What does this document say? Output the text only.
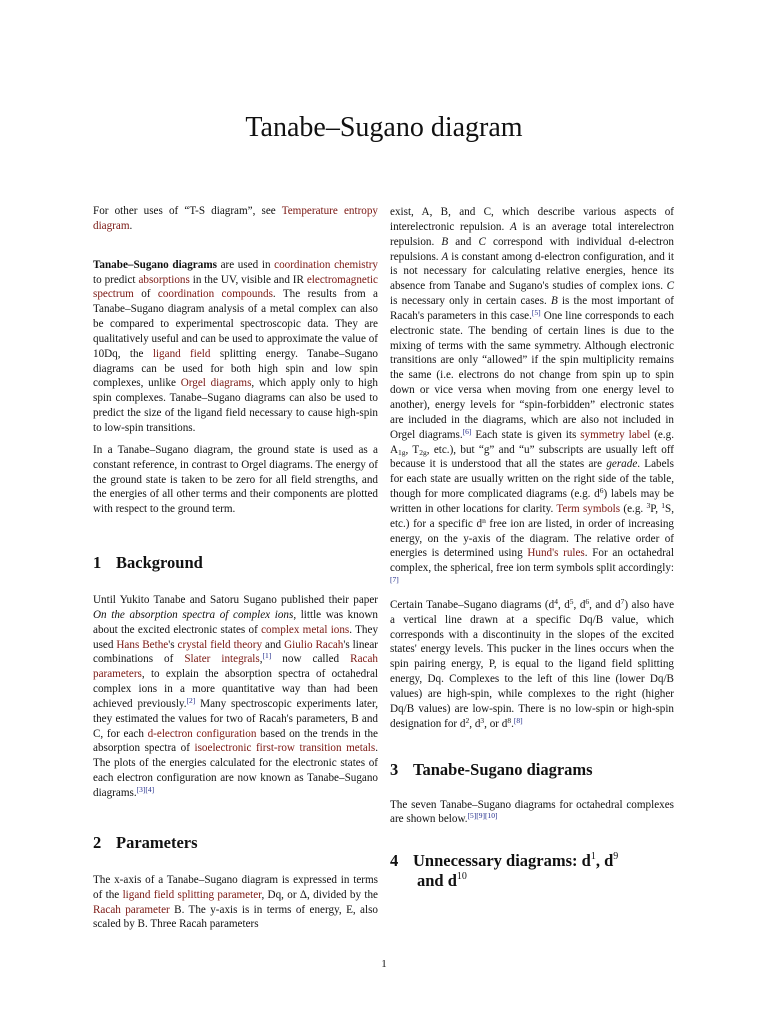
Tanabe–Sugano diagram

For other uses of “T-S diagram”, see Temperature entropy diagram.

Tanabe–Sugano diagrams are used in coordination chemistry to predict absorptions in the UV, visible and IR electromagnetic spectrum of coordination compounds. The results from a Tanabe–Sugano diagram analysis of a metal complex can also be compared to experimental spectroscopic data. They are qualitatively useful and can be used to approximate the value of 10Dq, the ligand field splitting energy. Tanabe–Sugano diagrams can be used for both high spin and low spin complexes, unlike Orgel diagrams, which apply only to high spin complexes. Tanabe–Sugano diagrams can also be used to predict the size of the ligand field necessary to cause high-spin to low-spin transitions.

In a Tanabe–Sugano diagram, the ground state is used as a constant reference, in contrast to Orgel diagrams. The energy of the ground state is taken to be zero for all field strengths, and the energies of all other terms and their components are plotted with respect to the ground term.

1 Background

Until Yukito Tanabe and Satoru Sugano published their paper On the absorption spectra of complex ions, little was known about the excited electronic states of complex metal ions. They used Hans Bethe's crystal field theory and Giulio Racah's linear combinations of Slater integrals,[1] now called Racah parameters, to explain the absorption spectra of octahedral complex ions in a more quantitative way than had been achieved previously.[2] Many spectroscopic experiments later, they estimated the values for two of Racah's parameters, B and C, for each d-electron configuration based on the trends in the absorption spectra of isoelectronic first-row transition metals. The plots of the energies calculated for the electronic states of each electron configuration are now known as Tanabe–Sugano diagrams.[3][4]

2 Parameters

The x-axis of a Tanabe–Sugano diagram is expressed in terms of the ligand field splitting parameter, Dq, or Δ, divided by the Racah parameter B. The y-axis is in terms of energy, E, also scaled by B. Three Racah parameters

exist, A, B, and C, which describe various aspects of interelectronic repulsion. A is an average total interelectron repulsion. B and C correspond with individual d-electron repulsions. A is constant among d-electron configuration, and it is not necessary for calculating relative energies, hence its absence from Tanabe and Sugano's studies of complex ions. C is necessary only in certain cases. B is the most important of Racah's parameters in this case.[5] One line corresponds to each electronic state. The bending of certain lines is due to the mixing of terms with the same symmetry. Although electronic transitions are only “allowed” if the spin multiplicity remains the same (i.e. electrons do not change from spin up to spin down or vice versa when moving from one energy level to another), energy levels for “spin-forbidden” electronic states are included in the diagrams, which are also not included in Orgel diagrams.[6] Each state is given its symmetry label (e.g. $A_{1g}$, $T_{2g}$, etc.), but “g” and “u” subscripts are usually left off because it is understood that all the states are gerade. Labels for each state are usually written on the right side of the table, though for more complicated diagrams (e.g. $d^6$) labels may be written in other locations for clarity. Term symbols (e.g. $^3$P, $^1$S, etc.) for a specific $d^n$ free ion are listed, in order of increasing energy, on the y-axis of the diagram. The relative order of energies is determined using Hund's rules. For an octahedral complex, the spherical, free ion term symbols split accordingly:[7]

Certain Tanabe–Sugano diagrams ($d^4$, $d^5$, $d^6$, and $d^7$) also have a vertical line drawn at a specific Dq/B value, which corresponds with a discontinuity in the slopes of the excited states' energy levels. This pucker in the lines occurs when the spin pairing energy, P, is equal to the ligand field splitting energy, Dq. Complexes to the left of this line (lower Dq/B values) are high-spin, while complexes to the right (higher Dq/B values) are low-spin. There is no low-spin or high-spin designation for $d^2$, $d^3$, or $d^8.[8]$

3 Tanabe-Sugano diagrams

The seven Tanabe–Sugano diagrams for octahedral complexes are shown below.[5][9][10]

4 Unnecessary diagrams: $d^1$, $d^9$
and $d^{10}$
1
